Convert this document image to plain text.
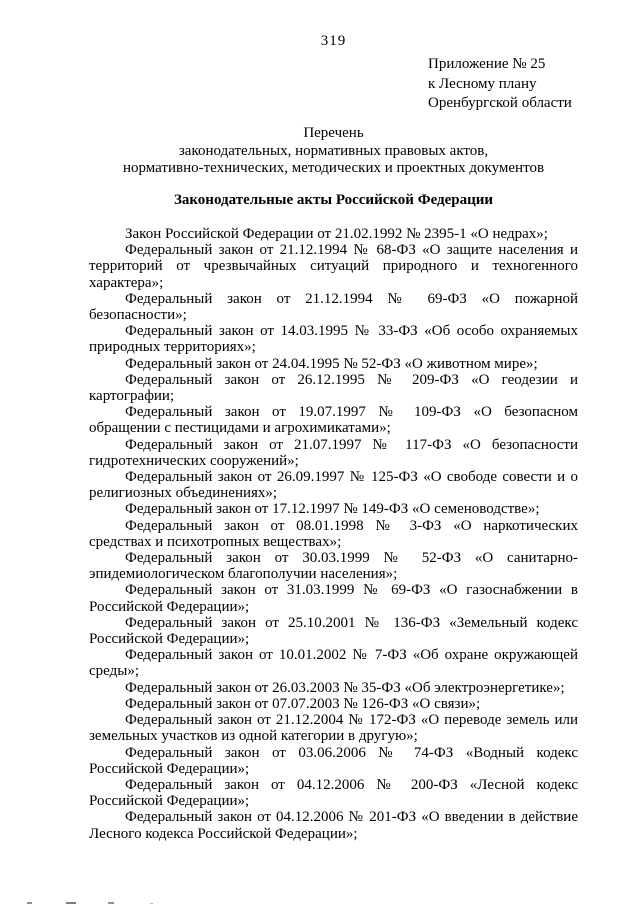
319
Приложение № 25
к Лесному плану
Оренбургской области
Перечень
законодательных, нормативных правовых актов,
нормативно-технических, методических и проектных документов
Законодательные акты Российской Федерации

Закон Российской Федерации от 21.02.1992 № 2395-1 «О недрах»;

Федеральный закон от 21.12.1994 № 68-ФЗ «О защите населения и территорий от чрезвычайных ситуаций природного и техногенного характера»;

Федеральный закон от 21.12.1994 № 69-ФЗ «О пожарной безопасности»;

Федеральный закон от 14.03.1995 № 33-ФЗ «Об особо охраняемых природных территориях»;

Федеральный закон от 24.04.1995 № 52-ФЗ «О животном мире»;

Федеральный закон от 26.12.1995 № 209-ФЗ «О геодезии и картографии;

Федеральный закон от 19.07.1997 № 109-ФЗ «О безопасном обращении с пестицидами и агрохимикатами»;

Федеральный закон от 21.07.1997 № 117-ФЗ «О безопасности гидротехнических сооружений»;

Федеральный закон от 26.09.1997 № 125-ФЗ «О свободе совести и о религиозных объединениях»;

Федеральный закон от 17.12.1997 № 149-ФЗ «О семеноводстве»;

Федеральный закон от 08.01.1998 № 3-ФЗ «О наркотических средствах и психотропных веществах»;

Федеральный закон от 30.03.1999 № 52-ФЗ «О санитарно-эпидемиологическом благополучии населения»;

Федеральный закон от 31.03.1999 № 69-ФЗ «О газоснабжении в Российской Федерации»;

Федеральный закон от 25.10.2001 № 136-ФЗ «Земельный кодекс Российской Федерации»;

Федеральный закон от 10.01.2002 № 7-ФЗ «Об охране окружающей среды»;

Федеральный закон от 26.03.2003 № 35-ФЗ «Об электроэнергетике»;

Федеральный закон от 07.07.2003 № 126-ФЗ «О связи»;

Федеральный закон от 21.12.2004 № 172-ФЗ «О переводе земель или земельных участков из одной категории в другую»;

Федеральный закон от 03.06.2006 № 74-ФЗ «Водный кодекс Российской Федерации»;

Федеральный закон от 04.12.2006 № 200-ФЗ «Лесной кодекс Российской Федерации»;

Федеральный закон от 04.12.2006 № 201-ФЗ «О введении в действие Лесного кодекса Российской Федерации»;
